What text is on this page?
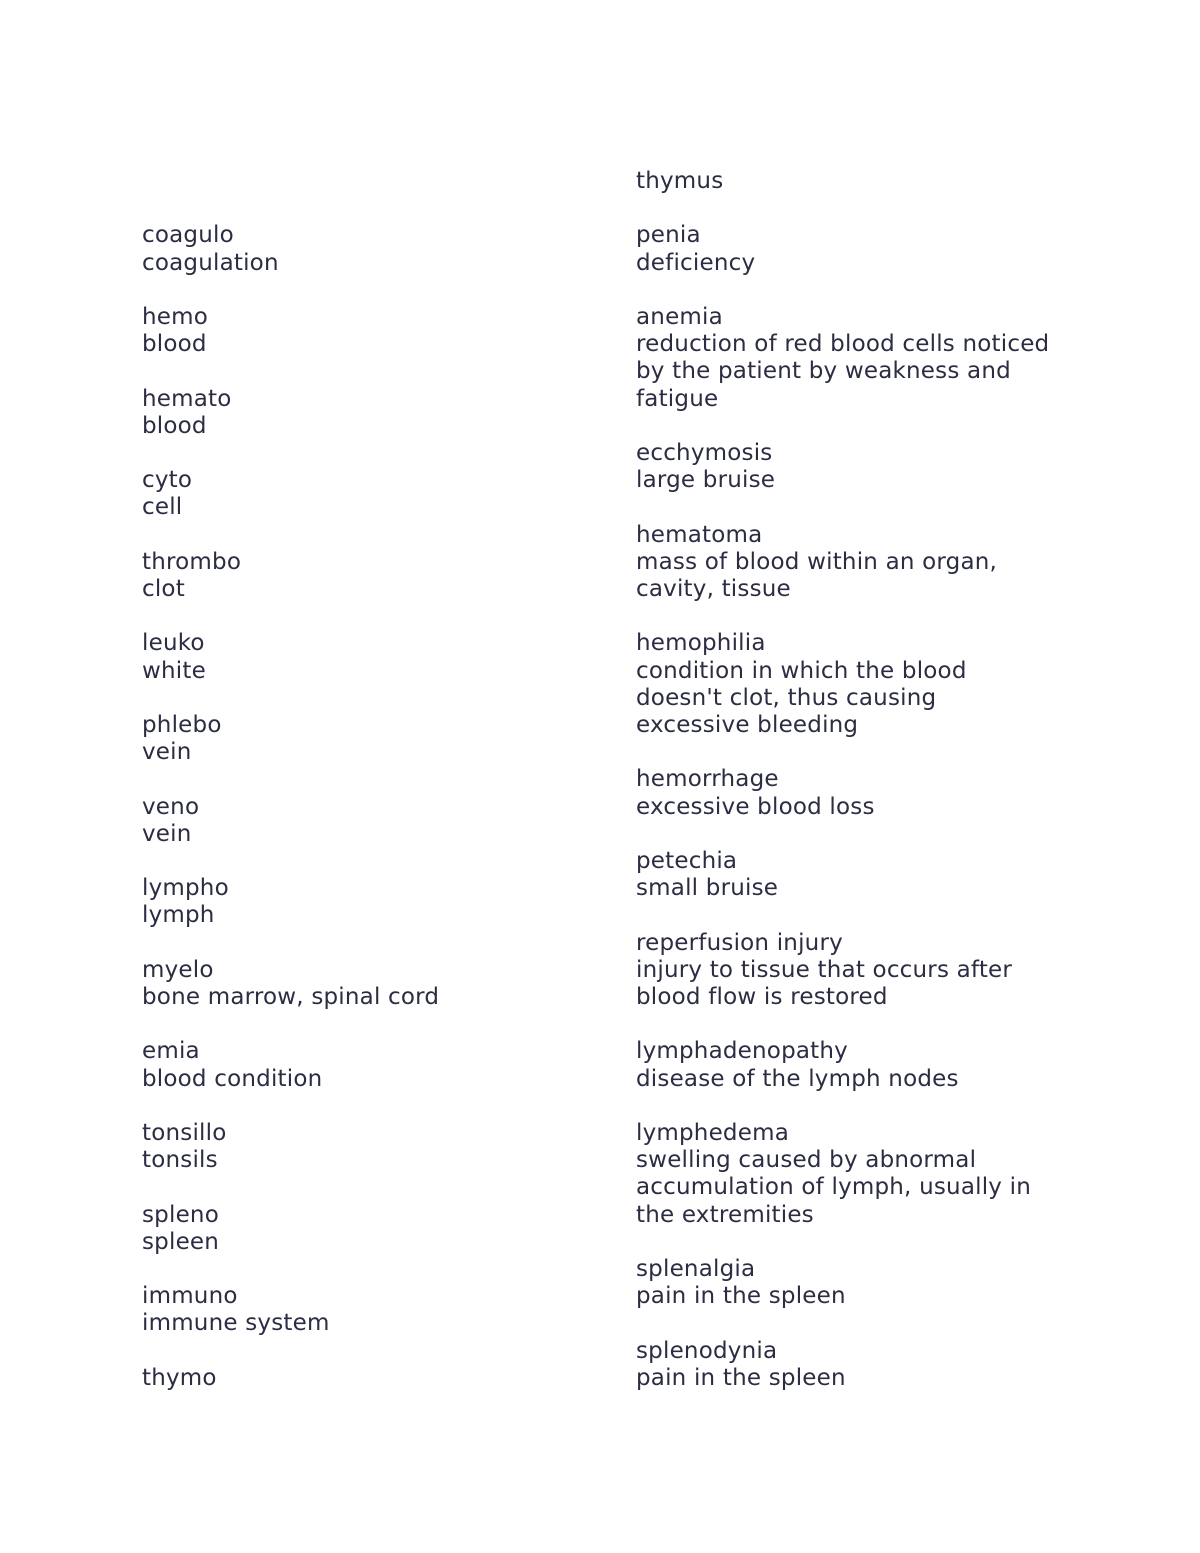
coagulo
coagulation
hemo
blood
hemato
blood
cyto
cell
thrombo
clot
leuko
white
phlebo
vein
veno
vein
lympho
lymph
myelo
bone marrow, spinal cord
emia
blood condition
tonsillo
tonsils
spleno
spleen
immuno
immune system
thymo
thymus
penia
deficiency
anemia
reduction of red blood cells noticed
by the patient by weakness and
fatigue
ecchymosis
large bruise
hematoma
mass of blood within an organ,
cavity, tissue
hemophilia
condition in which the blood
doesn't clot, thus causing
excessive bleeding
hemorrhage
excessive blood loss
petechia
small bruise
reperfusion injury
injury to tissue that occurs after
blood flow is restored
lymphadenopathy
disease of the lymph nodes
lymphedema
swelling caused by abnormal
accumulation of lymph, usually in
the extremities
splenalgia
pain in the spleen
splenodynia
pain in the spleen
